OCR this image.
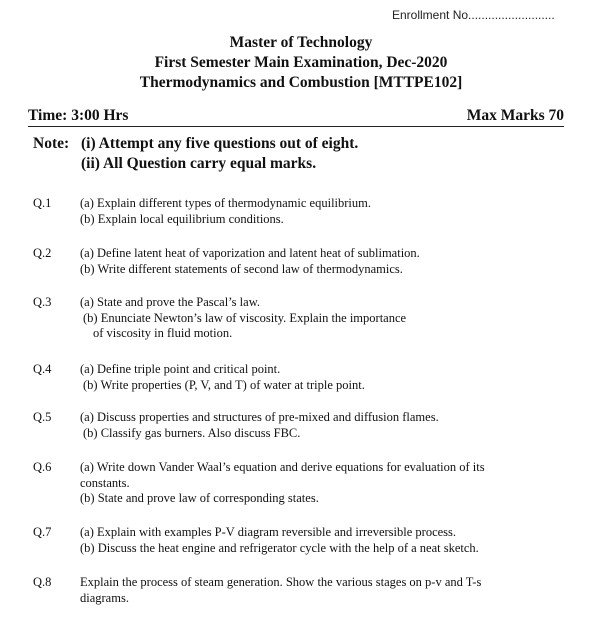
Enrollment No..........................
Master of Technology
First Semester Main Examination, Dec-2020
Thermodynamics and Combustion [MTTPE102]
Time: 3:00 Hrs	Max Marks 70
Note: (i) Attempt any five questions out of eight.
(ii) All Question carry equal marks.
Q.1 (a) Explain different types of thermodynamic equilibrium.
(b) Explain local equilibrium conditions.
Q.2 (a) Define latent heat of vaporization and latent heat of sublimation.
(b) Write different statements of second law of thermodynamics.
Q.3 (a) State and prove the Pascal’s law.
(b) Enunciate Newton’s law of viscosity. Explain the importance
of viscosity in fluid motion.
Q.4 (a) Define triple point and critical point.
(b) Write properties (P, V, and T) of water at triple point.
Q.5 (a) Discuss properties and structures of pre-mixed and diffusion flames.
(b) Classify gas burners. Also discuss FBC.
Q.6 (a) Write down Vander Waal’s equation and derive equations for evaluation of its
constants.
(b) State and prove law of corresponding states.
Q.7 (a) Explain with examples P-V diagram reversible and irreversible process.
(b) Discuss the heat engine and refrigerator cycle with the help of a neat sketch.
Q.8 Explain the process of steam generation. Show the various stages on p-v and T-s
diagrams.
